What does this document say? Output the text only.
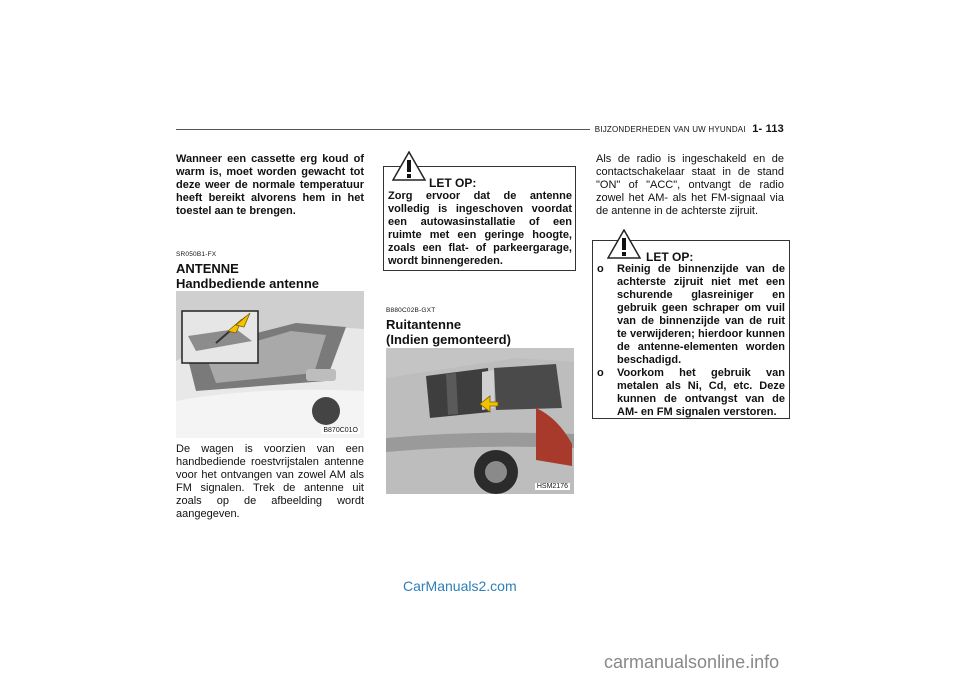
BIJZONDERHEDEN VAN UW HYUNDAI 1- 113
Wanneer een cassette erg koud of warm is, moet worden gewacht tot deze weer de normale temperatuur heeft bereikt alvorens hem in het toestel aan te brengen.
SR050B1-FX
ANTENNE
Handbediende antenne
B870C01O
De wagen is voorzien van een handbediende roestvrijstalen antenne voor het ontvangen van zowel AM als FM signalen. Trek de antenne uit zoals op de afbeelding wordt aangegeven.
LET OP:
Zorg ervoor dat de antenne volledig is ingeschoven voordat een autowasinstallatie of een ruimte met een geringe hoogte, zoals een flat- of parkeergarage, wordt binnengereden.
B880C02B-GXT
Ruitantenne
(Indien gemonteerd)
HSM2176
Als de radio is ingeschakeld en de contactschakelaar staat in de stand "ON" of "ACC", ontvangt de radio zowel het AM- als het FM-signaal via de antenne in de achterste zijruit.
LET OP:
o Reinig de binnenzijde van de achterste zijruit niet met een schurende glasreiniger en gebruik geen schraper om vuil van de binnenzijde van de ruit te verwijderen; hierdoor kunnen de antenne-elementen worden beschadigd.
o Voorkom het gebruik van metalen als Ni, Cd, etc. Deze kunnen de ontvangst van de AM- en FM signalen verstoren.
CarManuals2.com
carmanualsonline.info
